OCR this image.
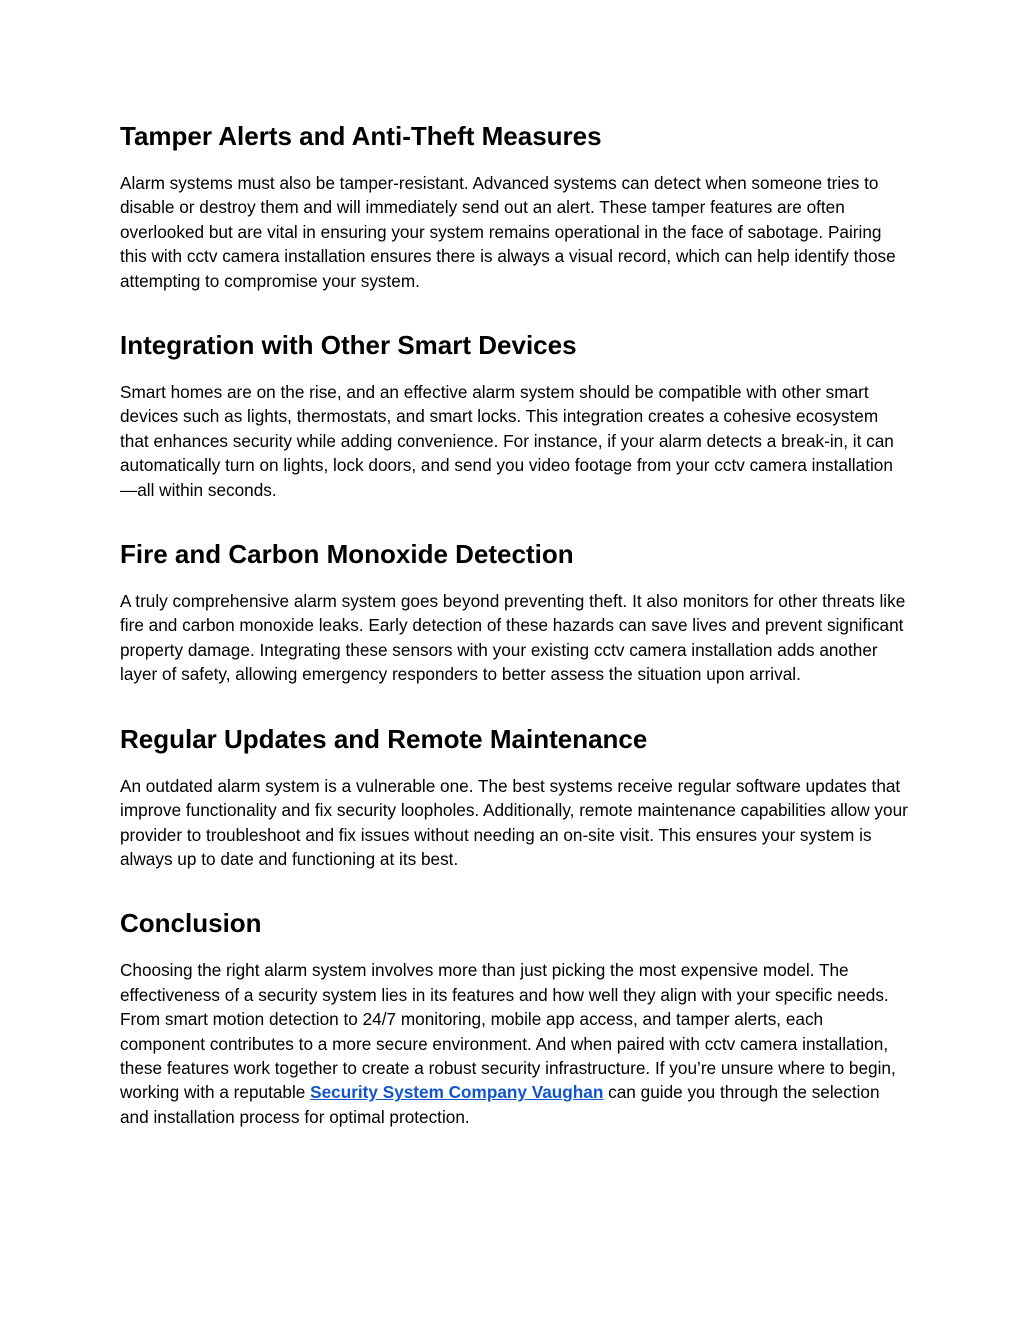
Tamper Alerts and Anti-Theft Measures

Alarm systems must also be tamper-resistant. Advanced systems can detect when someone tries to disable or destroy them and will immediately send out an alert. These tamper features are often overlooked but are vital in ensuring your system remains operational in the face of sabotage. Pairing this with cctv camera installation ensures there is always a visual record, which can help identify those attempting to compromise your system.

Integration with Other Smart Devices

Smart homes are on the rise, and an effective alarm system should be compatible with other smart devices such as lights, thermostats, and smart locks. This integration creates a cohesive ecosystem that enhances security while adding convenience. For instance, if your alarm detects a break-in, it can automatically turn on lights, lock doors, and send you video footage from your cctv camera installation—all within seconds.

Fire and Carbon Monoxide Detection

A truly comprehensive alarm system goes beyond preventing theft. It also monitors for other threats like fire and carbon monoxide leaks. Early detection of these hazards can save lives and prevent significant property damage. Integrating these sensors with your existing cctv camera installation adds another layer of safety, allowing emergency responders to better assess the situation upon arrival.

Regular Updates and Remote Maintenance

An outdated alarm system is a vulnerable one. The best systems receive regular software updates that improve functionality and fix security loopholes. Additionally, remote maintenance capabilities allow your provider to troubleshoot and fix issues without needing an on-site visit. This ensures your system is always up to date and functioning at its best.

Conclusion

Choosing the right alarm system involves more than just picking the most expensive model. The effectiveness of a security system lies in its features and how well they align with your specific needs. From smart motion detection to 24/7 monitoring, mobile app access, and tamper alerts, each component contributes to a more secure environment. And when paired with cctv camera installation, these features work together to create a robust security infrastructure. If you’re unsure where to begin, working with a reputable Security System Company Vaughan can guide you through the selection and installation process for optimal protection.
